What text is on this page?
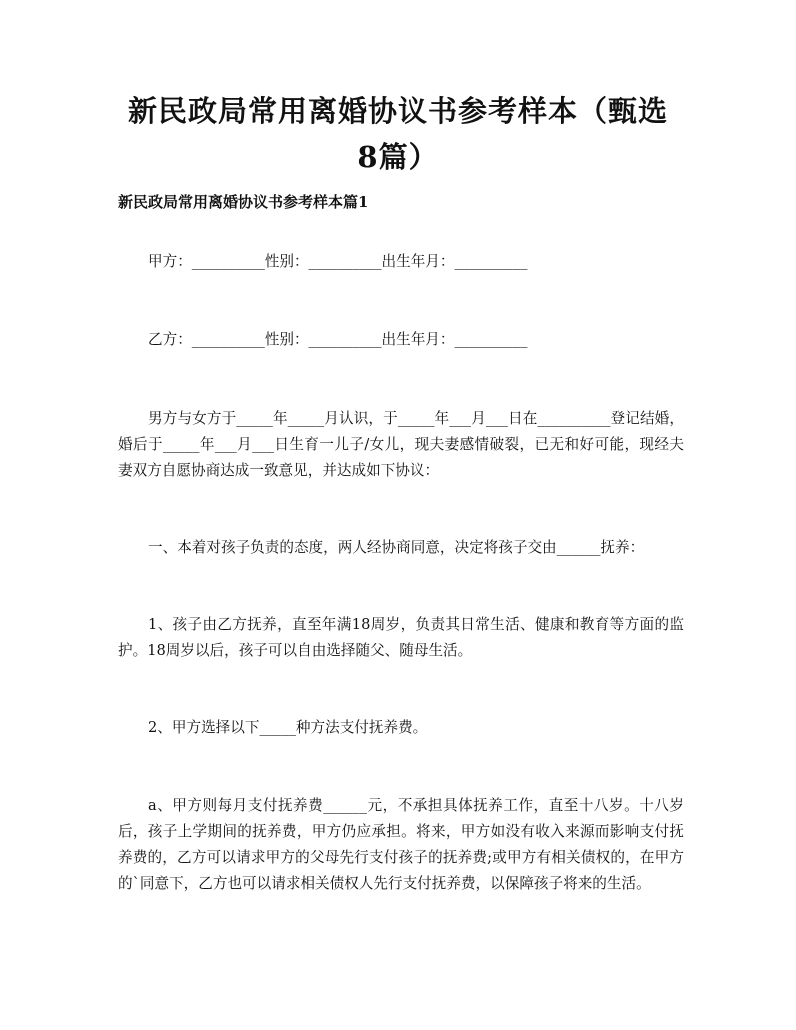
新民政局常用离婚协议书参考样本（甄选8篇）
新民政局常用离婚协议书参考样本篇1
甲方：__________性别：__________出生年月：__________
乙方：__________性别：__________出生年月：__________
男方与女方于_____年_____月认识，于_____年___月___日在__________登记结婚，婚后于_____年___月___日生育一儿子/女儿，现夫妻感情破裂，已无和好可能，现经夫妻双方自愿协商达成一致意见，并达成如下协议：
一、本着对孩子负责的态度，两人经协商同意，决定将孩子交由______抚养：
1、孩子由乙方抚养，直至年满18周岁，负责其日常生活、健康和教育等方面的监护。18周岁以后，孩子可以自由选择随父、随母生活。
2、甲方选择以下_____种方法支付抚养费。
a、甲方则每月支付抚养费______元，不承担具体抚养工作，直至十八岁。十八岁后，孩子上学期间的抚养费，甲方仍应承担。将来，甲方如没有收入来源而影响支付抚养费的，乙方可以请求甲方的父母先行支付孩子的抚养费;或甲方有相关债权的，在甲方的`同意下，乙方也可以请求相关债权人先行支付抚养费，以保障孩子将来的生活。
